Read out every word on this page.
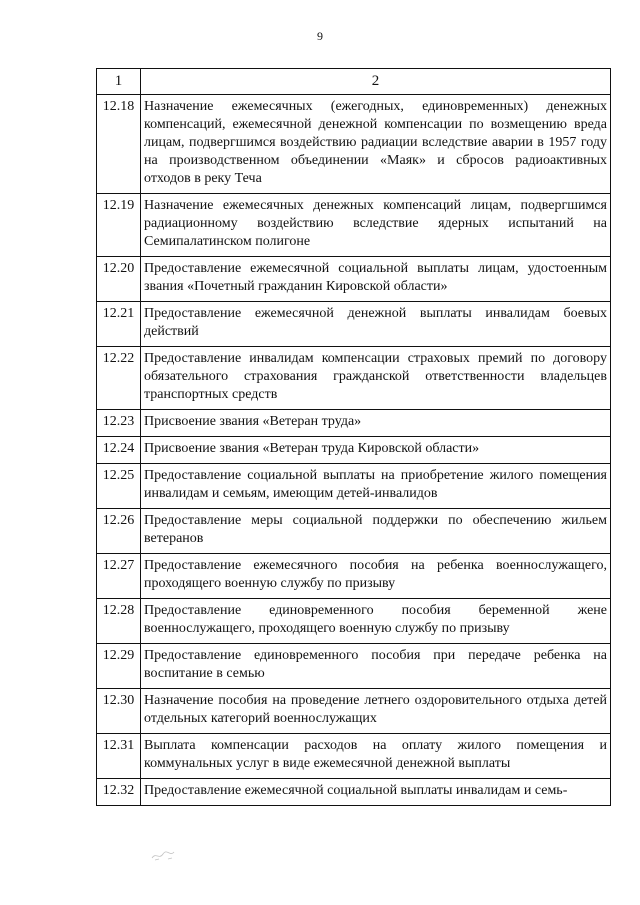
9
1	2
12.18	Назначение ежемесячных (ежегодных, единовременных) денежных компенсаций, ежемесячной денежной компенсации по возмещению вреда лицам, подвергшимся воздействию радиации вследствие аварии в 1957 году на производственном объединении «Маяк» и сбросов радиоактивных отходов в реку Теча
12.19	Назначение ежемесячных денежных компенсаций лицам, подвергшимся радиационному воздействию вследствие ядерных испытаний на Семипалатинском полигоне
12.20	Предоставление ежемесячной социальной выплаты лицам, удостоенным звания «Почетный гражданин Кировской области»
12.21	Предоставление ежемесячной денежной выплаты инвалидам боевых действий
12.22	Предоставление инвалидам компенсации страховых премий по договору обязательного страхования гражданской ответственности владельцев транспортных средств
12.23	Присвоение звания «Ветеран труда»
12.24	Присвоение звания «Ветеран труда Кировской области»
12.25	Предоставление социальной выплаты на приобретение жилого помещения инвалидам и семьям, имеющим детей-инвалидов
12.26	Предоставление меры социальной поддержки по обеспечению жильем ветеранов
12.27	Предоставление ежемесячного пособия на ребенка военнослужащего, проходящего военную службу по призыву
12.28	Предоставление единовременного пособия беременной жене военнослужащего, проходящего военную службу по призыву
12.29	Предоставление единовременного пособия при передаче ребенка на воспитание в семью
12.30	Назначение пособия на проведение летнего оздоровительного отдыха детей отдельных категорий военнослужащих
12.31	Выплата компенсации расходов на оплату жилого помещения и коммунальных услуг в виде ежемесячной денежной выплаты
12.32	Предоставление ежемесячной социальной выплаты инвалидам и семь-
